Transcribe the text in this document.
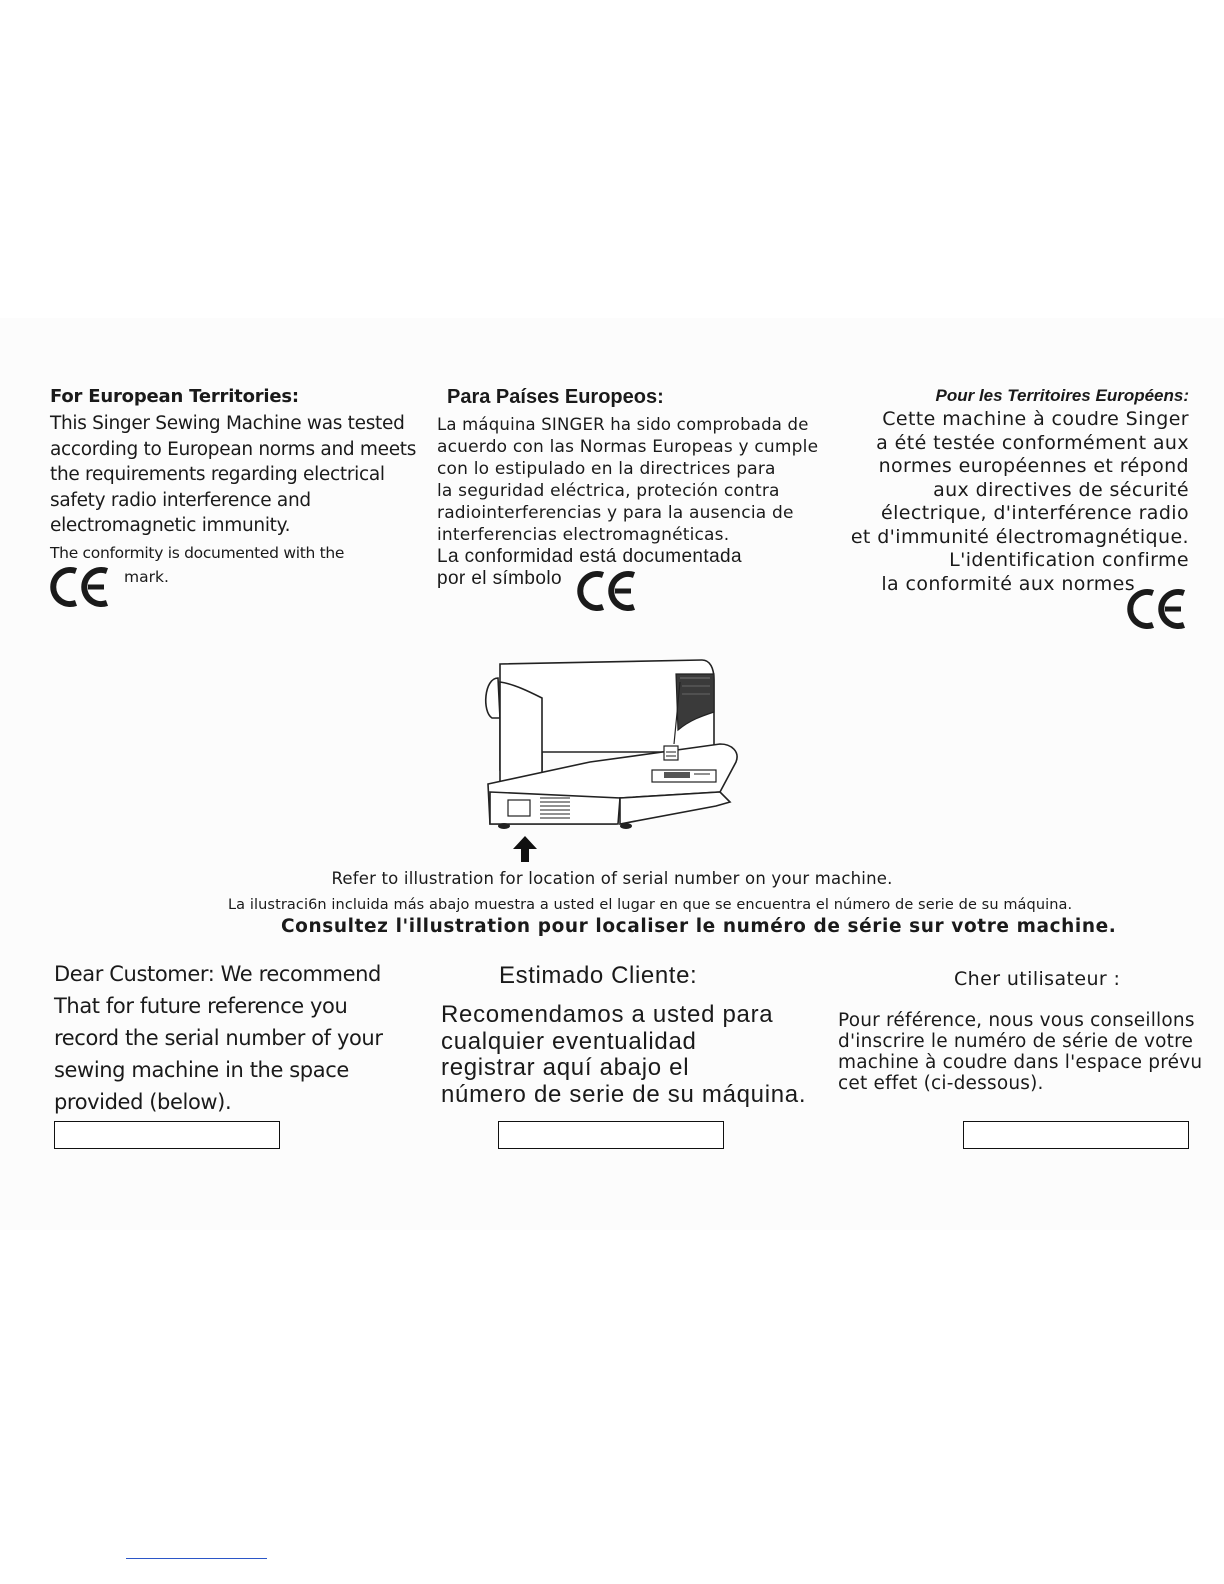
For European Territories:

This Singer Sewing Machine was tested according to European norms and meets the requirements regarding electrical safety radio interference and electromagnetic immunity.

The conformity is documented with the

mark.

Para Países Europeos:

La máquina SINGER ha sido comprobada de

acuerdo con las Normas Europeas y cumple

con lo estipulado en la directrices para

la seguridad eléctrica, proteción contra

radiointerferencias y para la ausencia de

interferencias electromagnéticas.

La conformidad está documentada

por el símbolo

Pour les Territoires Européens:

Cette machine à coudre Singer

a été testée conformément aux

normes européennes et répond

aux directives de sécurité

électrique, d'interférence radio

et d'immunité électromagnétique.

L'identification confirme

la conformité aux normes

Refer to illustration for location of serial number on your machine.
La ilustraci6n incluida más abajo muestra a usted el lugar en que se encuentra el número de serie de su máquina.
Consultez l'illustration pour localiser le numéro de série sur votre machine.

Dear Customer: We recommend

That for future reference you

record the serial number of your

sewing machine in the space

provided (below).

Estimado Cliente:

Recomendamos a usted para

cualquier eventualidad

registrar aquí abajo el

número de serie de su máquina.

Cher utilisateur :

Pour référence, nous vous conseillons

d'inscrire le numéro de série de votre

machine à coudre dans l'espace prévu

cet effet (ci-dessous).
